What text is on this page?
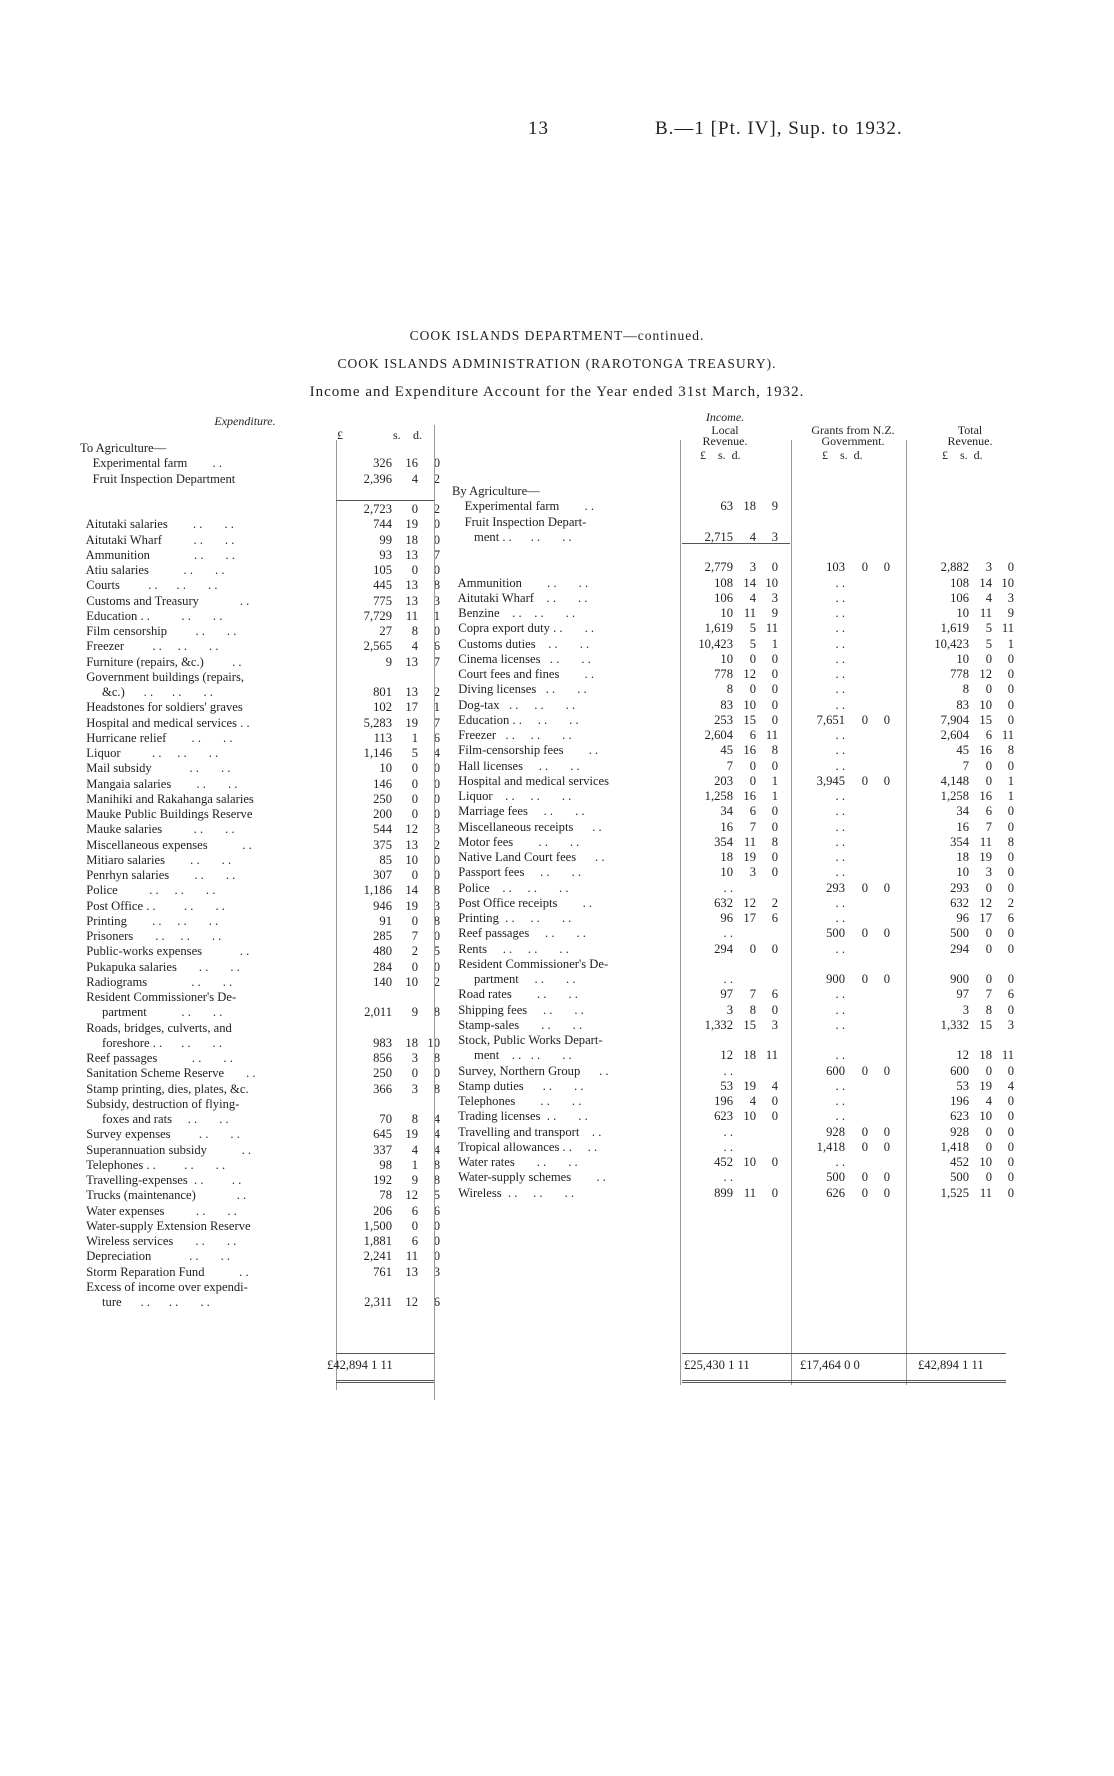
13	B.—1 [Pt. IV], Sup. to 1932.
COOK ISLANDS DEPARTMENT—continued.
COOK ISLANDS ADMINISTRATION (RAROTONGA TREASURY).
Income and Expenditure Account for the Year ended 31st March, 1932.
Expenditure.
£	s. d.
To Agriculture—
Experimental farm        . .	326 16 0
Fruit Inspection Department	2,396 4 2
2,723 0 2
Aitutaki salaries        . .       . .	744 19 0
Aitutaki Wharf          . .       . .	99 18 0
Ammunition              . .       . .	93 13 7
Atiu salaries           . .       . .	105 0 0
Courts         . .      . .       . .	445 13 8
Customs and Treasury             . .	775 13 3
Education . .          . .       . .	7,729 11 1
Film censorship         . .       . .	27 8 0
Freezer         . .     . .       . .	2,565 4 6
Furniture (repairs, &c.)         . .	9 13 7
Government buildings (repairs,
&c.)      . .      . .       . .	801 13 2
Headstones for soldiers' graves	102 17 1
Hospital and medical services . .	5,283 19 7
Hurricane relief        . .       . .	113 1 6
Liquor          . .     . .       . .	1,146 5 4
Mail subsidy            . .       . .	10 0 0
Mangaia salaries        . .       . .	146 0 0
Manihiki and Rakahanga salaries	250 0 0
Mauke Public Buildings Reserve	200 0 0
Mauke salaries          . .       . .	544 12 3
Miscellaneous expenses           . .	375 13 2
Mitiaro salaries        . .       . .	85 10 0
Penrhyn salaries        . .       . .	307 0 0
Police          . .     . .       . .	1,186 14 8
Post Office . .         . .       . .	946 19 3
Printing        . .     . .       . .	91 0 8
Prisoners       . .     . .       . .	285 7 0
Public-works expenses            . .	480 2 5
Pukapuka salaries       . .       . .	284 0 0
Radiograms              . .       . .	140 10 2
Resident Commissioner's De-
partment           . .       . .	2,011 9 8
Roads, bridges, culverts, and
foreshore . .      . .       . .	983 18 10
Reef passages           . .       . .	856 3 8
Sanitation Scheme Reserve       . .	250 0 0
Stamp printing, dies, plates, &c.	366 3 8
Subsidy, destruction of flying-
foxes and rats     . .       . .	70 8 4
Survey expenses         . .       . .	645 19 4
Superannuation subsidy           . .	337 4 4
Telephones . .         . .       . .	98 1 8
Travelling-expenses  . .         . .	192 9 8
Trucks (maintenance)             . .	78 12 5
Water expenses          . .       . .	206 6 6
Water-supply Extension Reserve	1,500 0 0
Wireless services       . .       . .	1,881 6 0
Depreciation            . .       . .	2,241 11 0
Storm Reparation Fund           . .	761 13 3
Excess of income over expendi-
ture      . .      . .       . .	2,311 12 6
Income.
Local Revenue.
Grants from N.Z. Government.
Total Revenue.
£    s.  d.	£    s.  d.	£    s.  d.
By Agriculture—
Experimental farm        . .	63 18 9
Fruit Inspection Depart-
ment . .      . .       . .	2,715 4 3
2,779 3 0	103 0 0	2,882 3 0
Ammunition        . .       . .	108 14 10	. .	108 14 10
Aitutaki Wharf    . .       . .	106 4 3	. .	106 4 3
Benzine    . .    . .       . .	10 11 9	. .	10 11 9
Copra export duty . .       . .	1,619 5 11	. .	1,619 5 11
Customs duties    . .       . .	10,423 5 1	. .	10,423 5 1
Cinema licenses   . .       . .	10 0 0	. .	10 0 0
Court fees and fines        . .	778 12 0	. .	778 12 0
Diving licenses   . .       . .	8 0 0	. .	8 0 0
Dog-tax   . .     . .       . .	83 10 0	. .	83 10 0
Education . .     . .       . .	253 15 0	7,651 0 0	7,904 15 0
Freezer   . .     . .       . .	2,604 6 11	. .	2,604 6 11
Film-censorship fees        . .	45 16 8	. .	45 16 8
Hall licenses     . .       . .	7 0 0	. .	7 0 0
Hospital and medical services	203 0 1	3,945 0 0	4,148 0 1
Liquor    . .     . .       . .	1,258 16 1	. .	1,258 16 1
Marriage fees     . .       . .	34 6 0	. .	34 6 0
Miscellaneous receipts      . .	16 7 0	. .	16 7 0
Motor fees        . .       . .	354 11 8	. .	354 11 8
Native Land Court fees      . .	18 19 0	. .	18 19 0
Passport fees     . .       . .	10 3 0	. .	10 3 0
Police    . .     . .       . .	. .	293 0 0	293 0 0
Post Office receipts        . .	632 12 2	. .	632 12 2
Printing  . .     . .       . .	96 17 6	. .	96 17 6
Reef passages     . .       . .	. .	500 0 0	500 0 0
Rents     . .     . .       . .	294 0 0	. .	294 0 0
Resident Commissioner's De-
partment     . .       . .	. .	900 0 0	900 0 0
Road rates        . .       . .	97 7 6	. .	97 7 6
Shipping fees     . .       . .	3 8 0	. .	3 8 0
Stamp-sales       . .       . .	1,332 15 3	. .	1,332 15 3
Stock, Public Works Depart-
ment    . .   . .       . .	12 18 11	. .	12 18 11
Survey, Northern Group      . .	. .	600 0 0	600 0 0
Stamp duties      . .       . .	53 19 4	. .	53 19 4
Telephones        . .       . .	196 4 0	. .	196 4 0
Trading licenses  . .       . .	623 10 0	. .	623 10 0
Travelling and transport    . .	. .	928 0 0	928 0 0
Tropical allowances . .     . .	. .	1,418 0 0	1,418 0 0
Water rates       . .       . .	452 10 0	. .	452 10 0
Water-supply schemes        . .	. .	500 0 0	500 0 0
Wireless  . .     . .       . .	899 11 0	626 0 0	1,525 11 0
£42,894 1 11	£25,430 1 11	£17,464 0 0	£42,894 1 11
